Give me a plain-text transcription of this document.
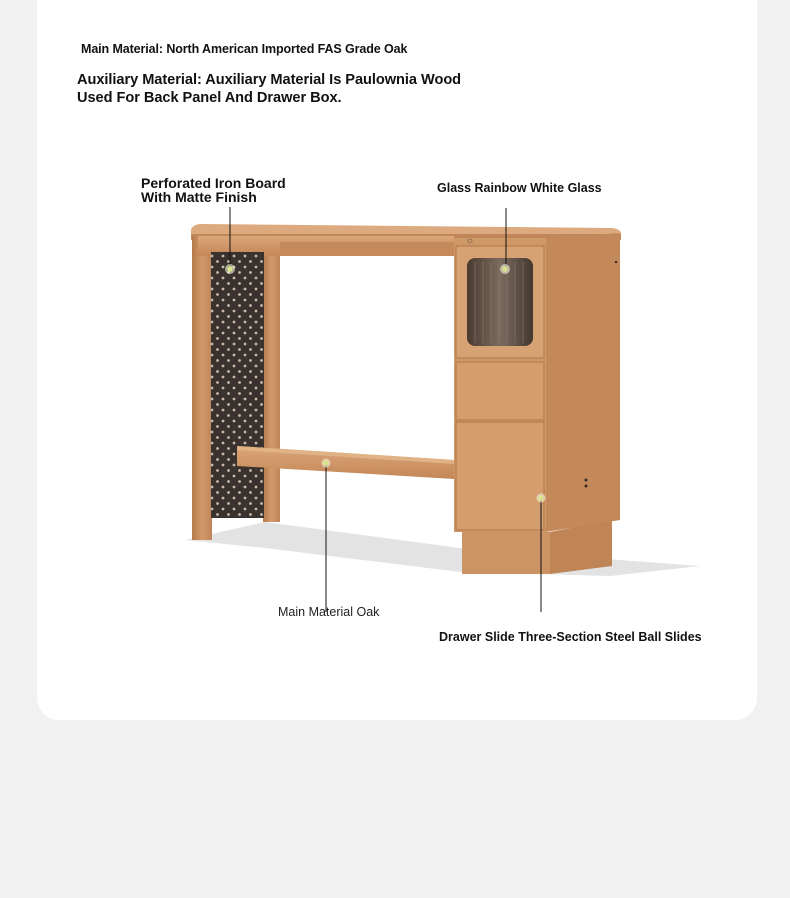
Main Material: North American Imported FAS Grade Oak

Auxiliary Material: Auxiliary Material Is Paulownia Wood
Used For Back Panel And Drawer Box.

Perforated Iron Board
With Matte Finish

Glass Rainbow White Glass

Main Material Oak

Drawer Slide Three-Section Steel Ball Slides
